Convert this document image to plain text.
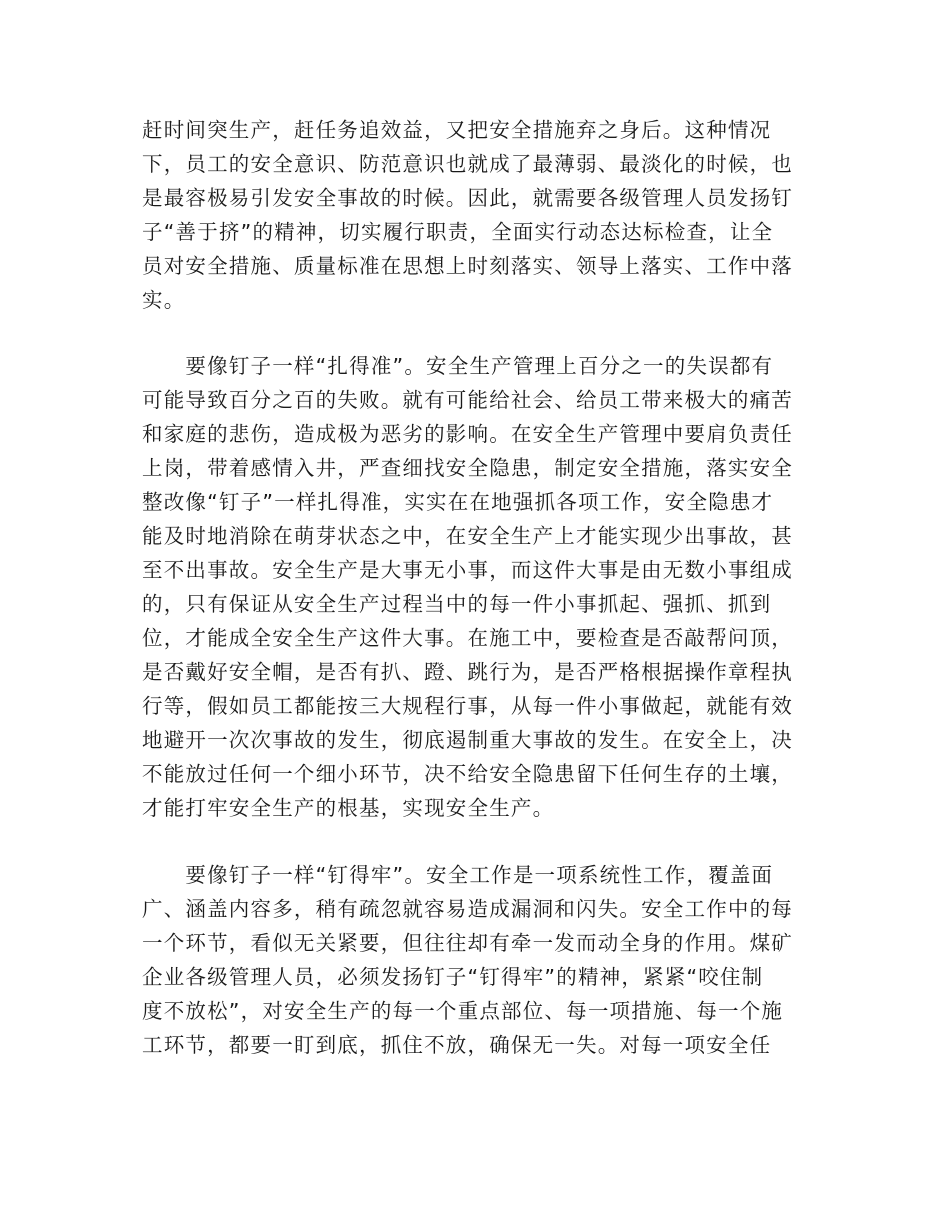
赶时间突生产，赶任务追效益，又把安全措施弃之身后。这种情况
下，员工的安全意识、防范意识也就成了最薄弱、最淡化的时候，也
是最容极易引发安全事故的时候。因此，就需要各级管理人员发扬钉
子“善于挤”的精神，切实履行职责，全面实行动态达标检查，让全
员对安全措施、质量标准在思想上时刻落实、领导上落实、工作中落
实。
　　要像钉子一样“扎得准”。安全生产管理上百分之一的失误都有
可能导致百分之百的失败。就有可能给社会、给员工带来极大的痛苦
和家庭的悲伤，造成极为恶劣的影响。在安全生产管理中要肩负责任
上岗，带着感情入井，严查细找安全隐患，制定安全措施，落实安全
整改像“钉子”一样扎得准，实实在在地强抓各项工作，安全隐患才
能及时地消除在萌芽状态之中，在安全生产上才能实现少出事故，甚
至不出事故。安全生产是大事无小事，而这件大事是由无数小事组成
的，只有保证从安全生产过程当中的每一件小事抓起、强抓、抓到
位，才能成全安全生产这件大事。在施工中，要检查是否敲帮问顶，
是否戴好安全帽，是否有扒、蹬、跳行为，是否严格根据操作章程执
行等，假如员工都能按三大规程行事，从每一件小事做起，就能有效
地避开一次次事故的发生，彻底遏制重大事故的发生。在安全上，决
不能放过任何一个细小环节，决不给安全隐患留下任何生存的土壤，
才能打牢安全生产的根基，实现安全生产。
　　要像钉子一样“钉得牢”。安全工作是一项系统性工作，覆盖面
广、涵盖内容多，稍有疏忽就容易造成漏洞和闪失。安全工作中的每
一个环节，看似无关紧要，但往往却有牵一发而动全身的作用。煤矿
企业各级管理人员，必须发扬钉子“钉得牢”的精神，紧紧“咬住制
度不放松”，对安全生产的每一个重点部位、每一项措施、每一个施
工环节，都要一盯到底，抓住不放，确保无一失。对每一项安全任
